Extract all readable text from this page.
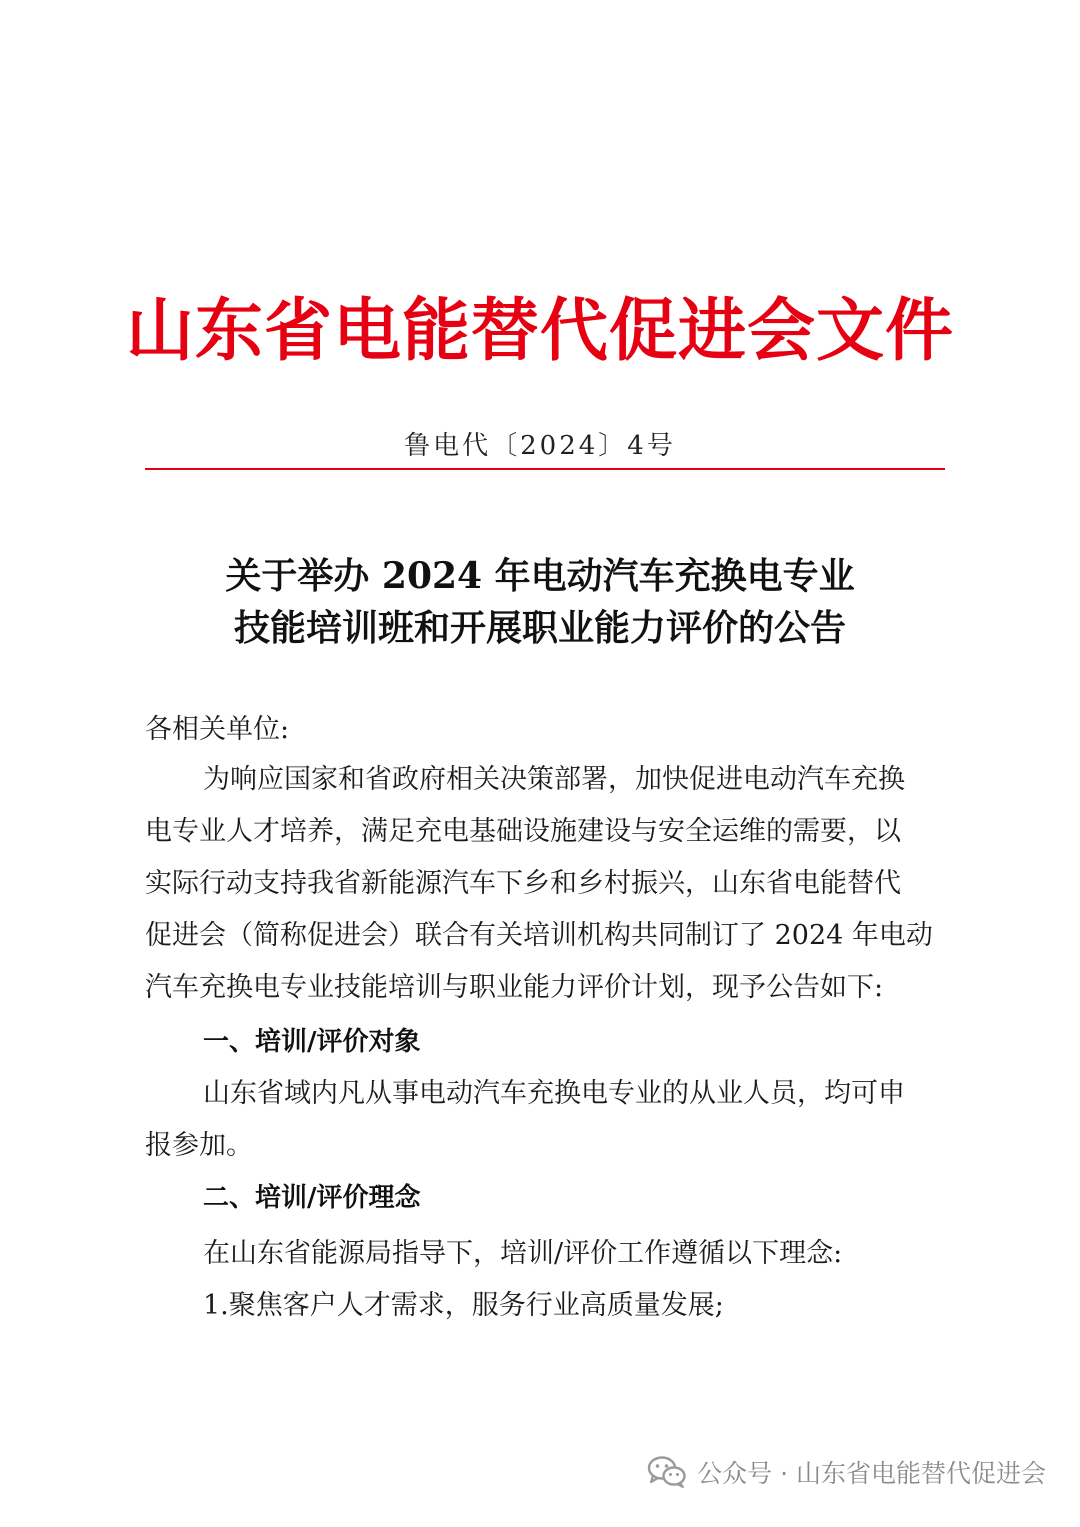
山东省电能替代促进会文件
鲁电代〔2024〕4号
关于举办 2024 年电动汽车充换电专业
技能培训班和开展职业能力评价的公告
各相关单位:
为响应国家和省政府相关决策部署，加快促进电动汽车充换
电专业人才培养，满足充电基础设施建设与安全运维的需要，以
实际行动支持我省新能源汽车下乡和乡村振兴，山东省电能替代
促进会（简称促进会）联合有关培训机构共同制订了 2024 年电动
汽车充换电专业技能培训与职业能力评价计划，现予公告如下:
一、培训/评价对象
山东省域内凡从事电动汽车充换电专业的从业人员，均可申
报参加。
二、培训/评价理念
在山东省能源局指导下，培训/评价工作遵循以下理念:
1.聚焦客户人才需求，服务行业高质量发展;
公众号 · 山东省电能替代促进会
